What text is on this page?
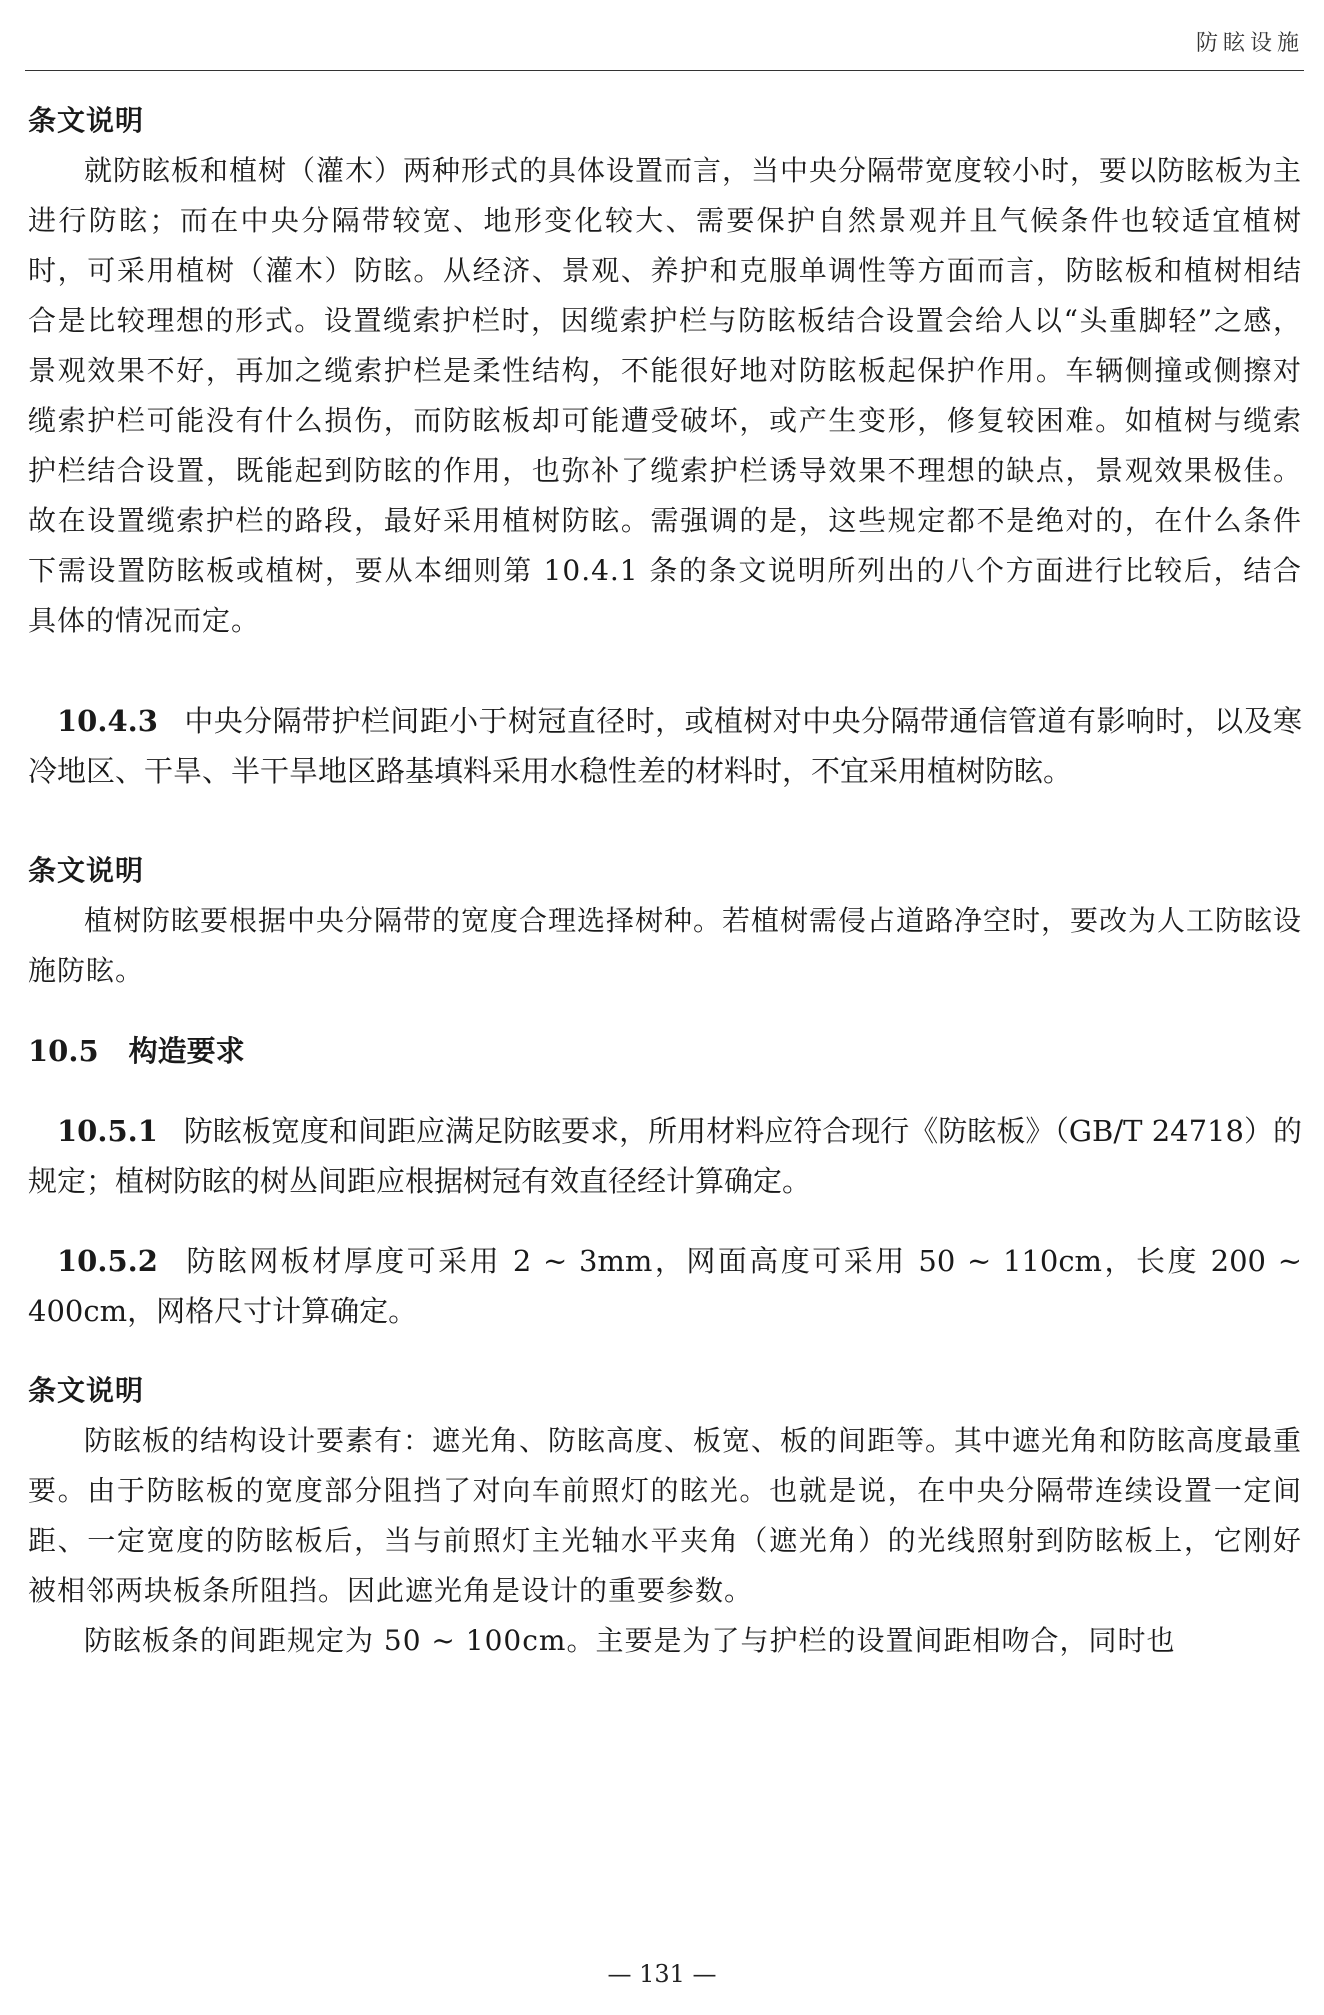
防眩设施
条文说明

就防眩板和植树（灌木）两种形式的具体设置而言，当中央分隔带宽度较小时，要以防眩板为主进行防眩；而在中央分隔带较宽、地形变化较大、需要保护自然景观并且气候条件也较适宜植树时，可采用植树（灌木）防眩。从经济、景观、养护和克服单调性等方面而言，防眩板和植树相结合是比较理想的形式。设置缆索护栏时，因缆索护栏与防眩板结合设置会给人以“头重脚轻”之感，景观效果不好，再加之缆索护栏是柔性结构，不能很好地对防眩板起保护作用。车辆侧撞或侧擦对缆索护栏可能没有什么损伤，而防眩板却可能遭受破坏，或产生变形，修复较困难。如植树与缆索护栏结合设置，既能起到防眩的作用，也弥补了缆索护栏诱导效果不理想的缺点，景观效果极佳。故在设置缆索护栏的路段，最好采用植树防眩。需强调的是，这些规定都不是绝对的，在什么条件下需设置防眩板或植树，要从本细则第 10.4.1 条的条文说明所列出的八个方面进行比较后，结合具体的情况而定。

10.4.3 中央分隔带护栏间距小于树冠直径时，或植树对中央分隔带通信管道有影响时，以及寒冷地区、干旱、半干旱地区路基填料采用水稳性差的材料时，不宜采用植树防眩。

条文说明

植树防眩要根据中央分隔带的宽度合理选择树种。若植树需侵占道路净空时，要改为人工防眩设施防眩。

10.5 构造要求

10.5.1 防眩板宽度和间距应满足防眩要求，所用材料应符合现行《防眩板》（GB/T 24718）的规定；植树防眩的树丛间距应根据树冠有效直径经计算确定。

10.5.2 防眩网板材厚度可采用 2 ~ 3mm，网面高度可采用 50 ~ 110cm，长度 200 ~ 400cm，网格尺寸计算确定。

条文说明

防眩板的结构设计要素有：遮光角、防眩高度、板宽、板的间距等。其中遮光角和防眩高度最重要。由于防眩板的宽度部分阻挡了对向车前照灯的眩光。也就是说，在中央分隔带连续设置一定间距、一定宽度的防眩板后，当与前照灯主光轴水平夹角（遮光角）的光线照射到防眩板上，它刚好被相邻两块板条所阻挡。因此遮光角是设计的重要参数。

防眩板条的间距规定为 50 ~ 100cm。主要是为了与护栏的设置间距相吻合，同时也

— 131 —
